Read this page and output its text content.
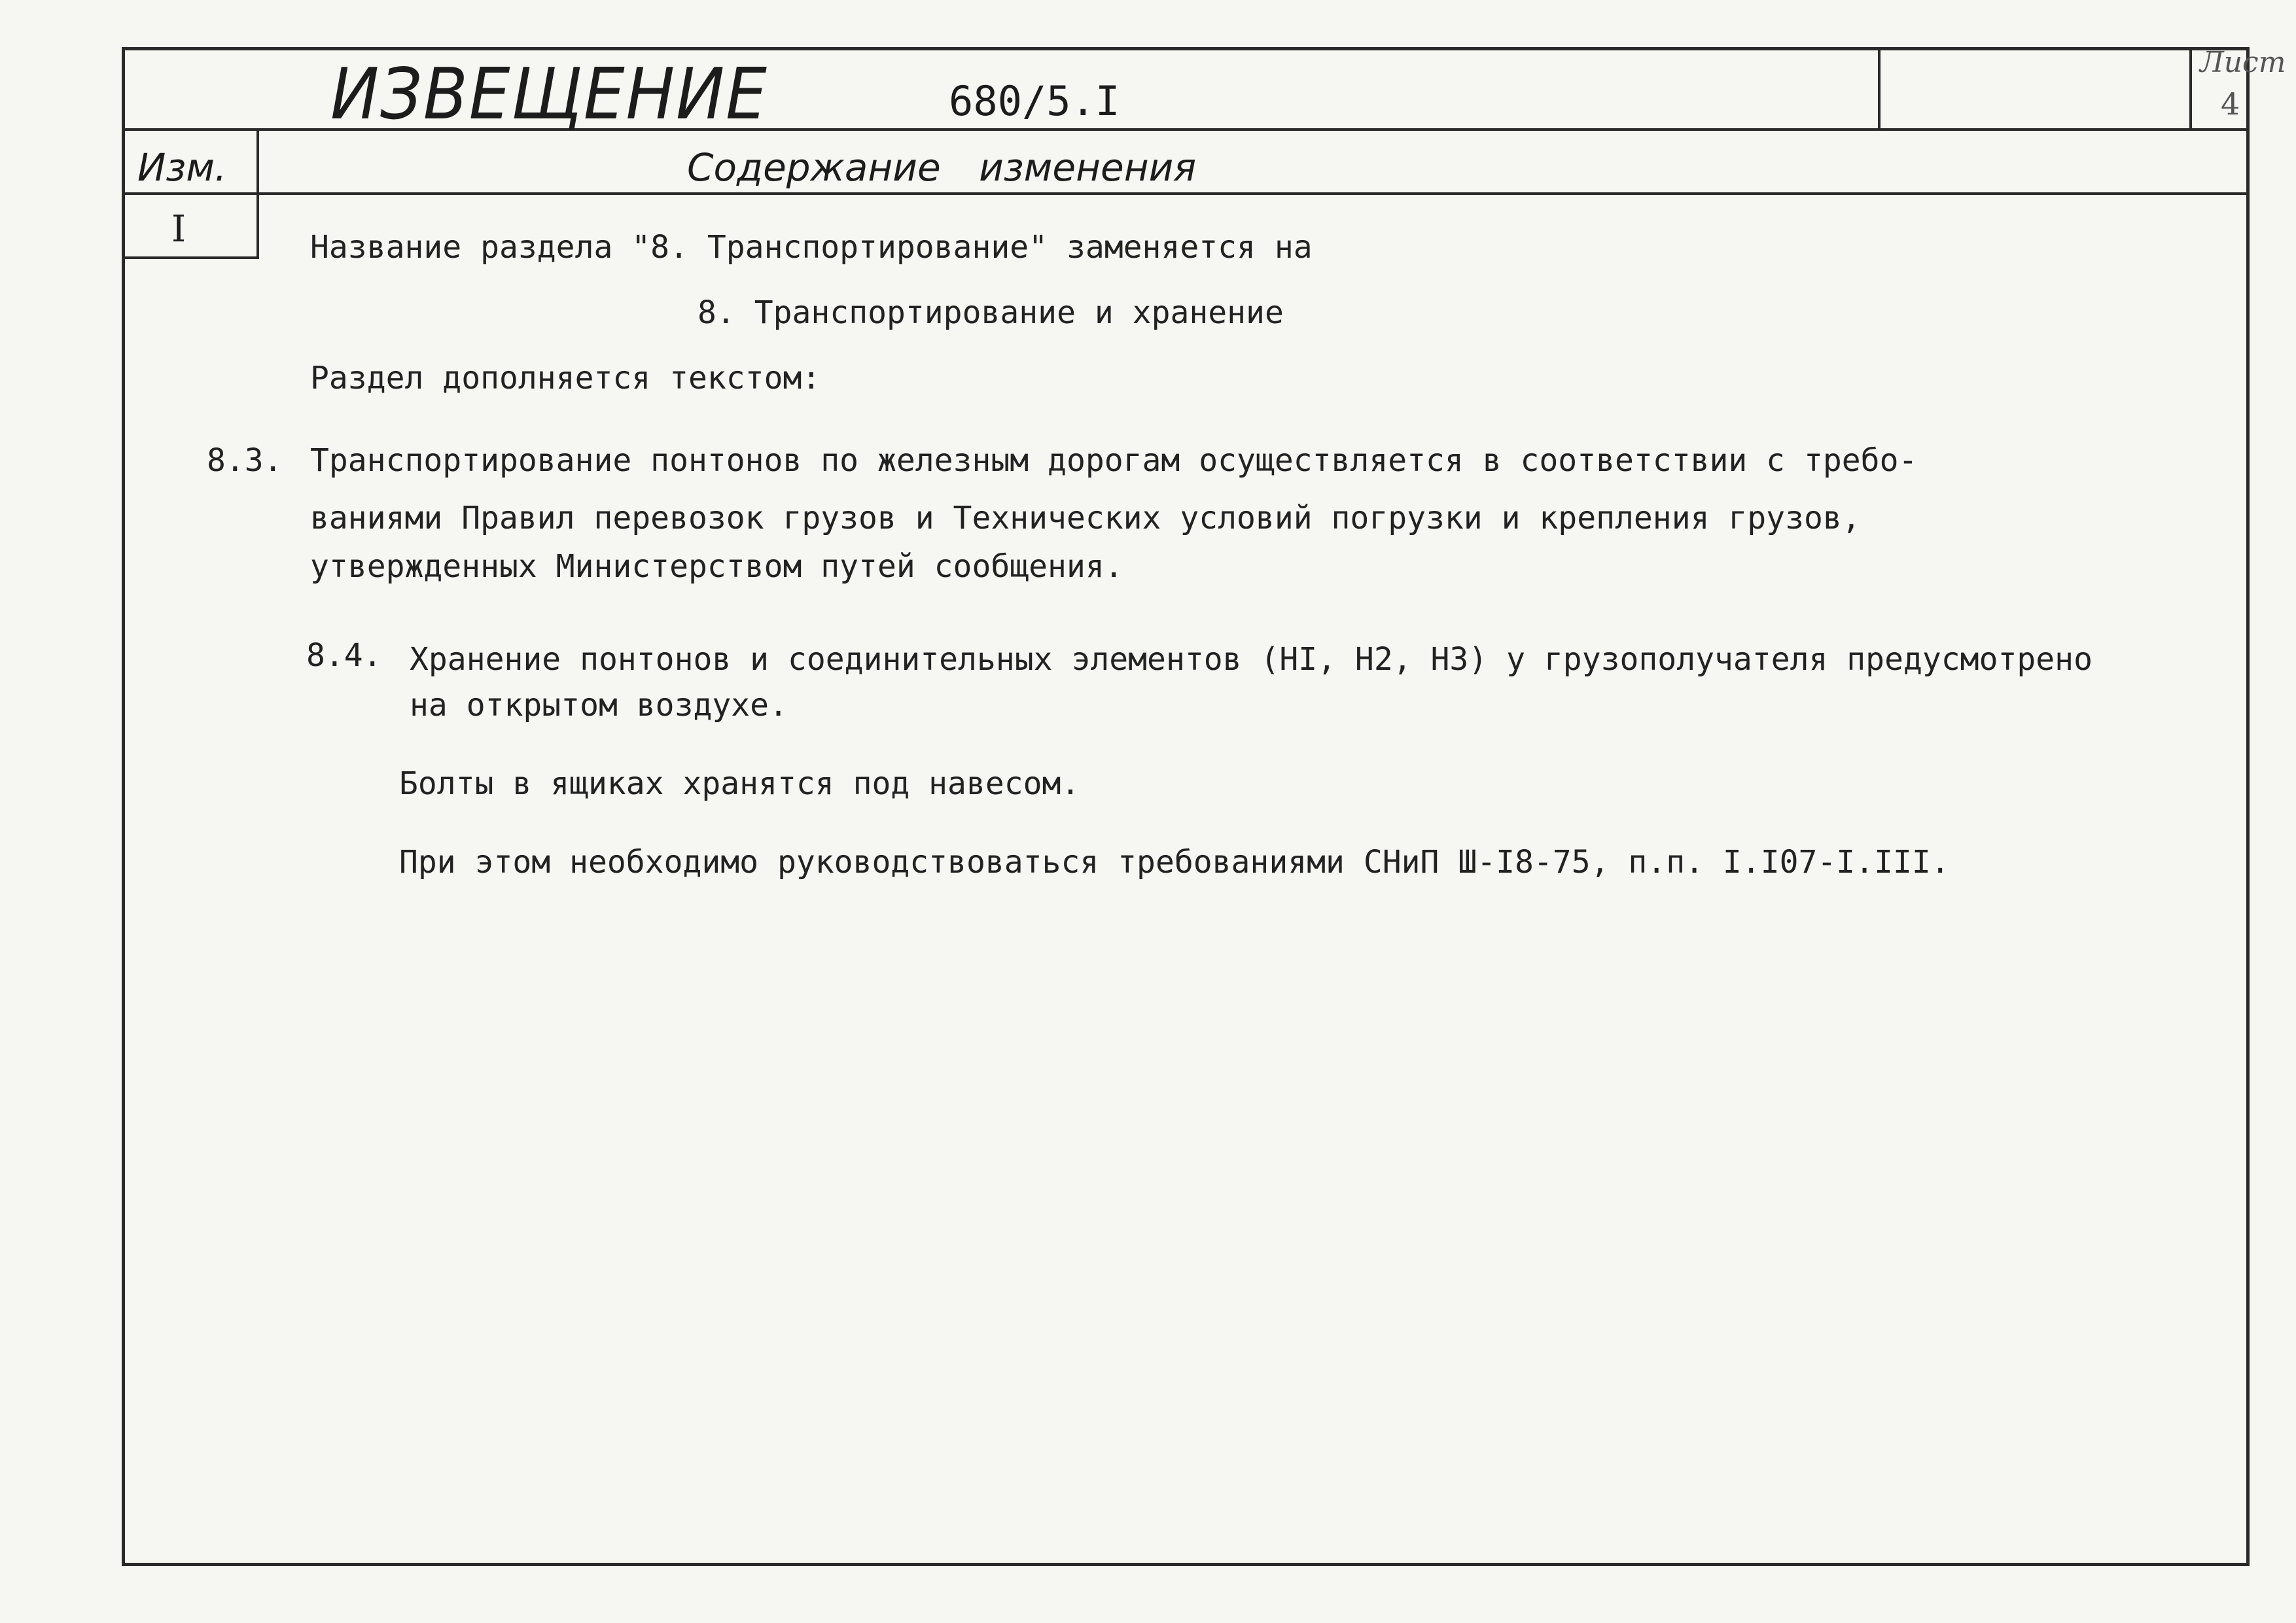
ИЗВЕЩЕНИЕ	680/5.I
Лист
4
Изм.	Содержание изменения
I	Название раздела "8. Транспортирование" заменяется на
8. Транспортирование и хранение
Раздел дополняется текстом:
8.3. Транспортирование понтонов по железным дорогам осуществляется в соответствии с требо-
ваниями Правил перевозок грузов и Технических условий погрузки и крепления грузов,
утвержденных Министерством путей сообщения.
8.4. Хранение понтонов и соединительных элементов (НI, Н2, Н3) у грузополучателя предусмотрено
на открытом воздухе.
Болты в ящиках хранятся под навесом.
При этом необходимо руководствоваться требованиями СНиП Ш-I8-75, п.п. I.I07-I.III.
